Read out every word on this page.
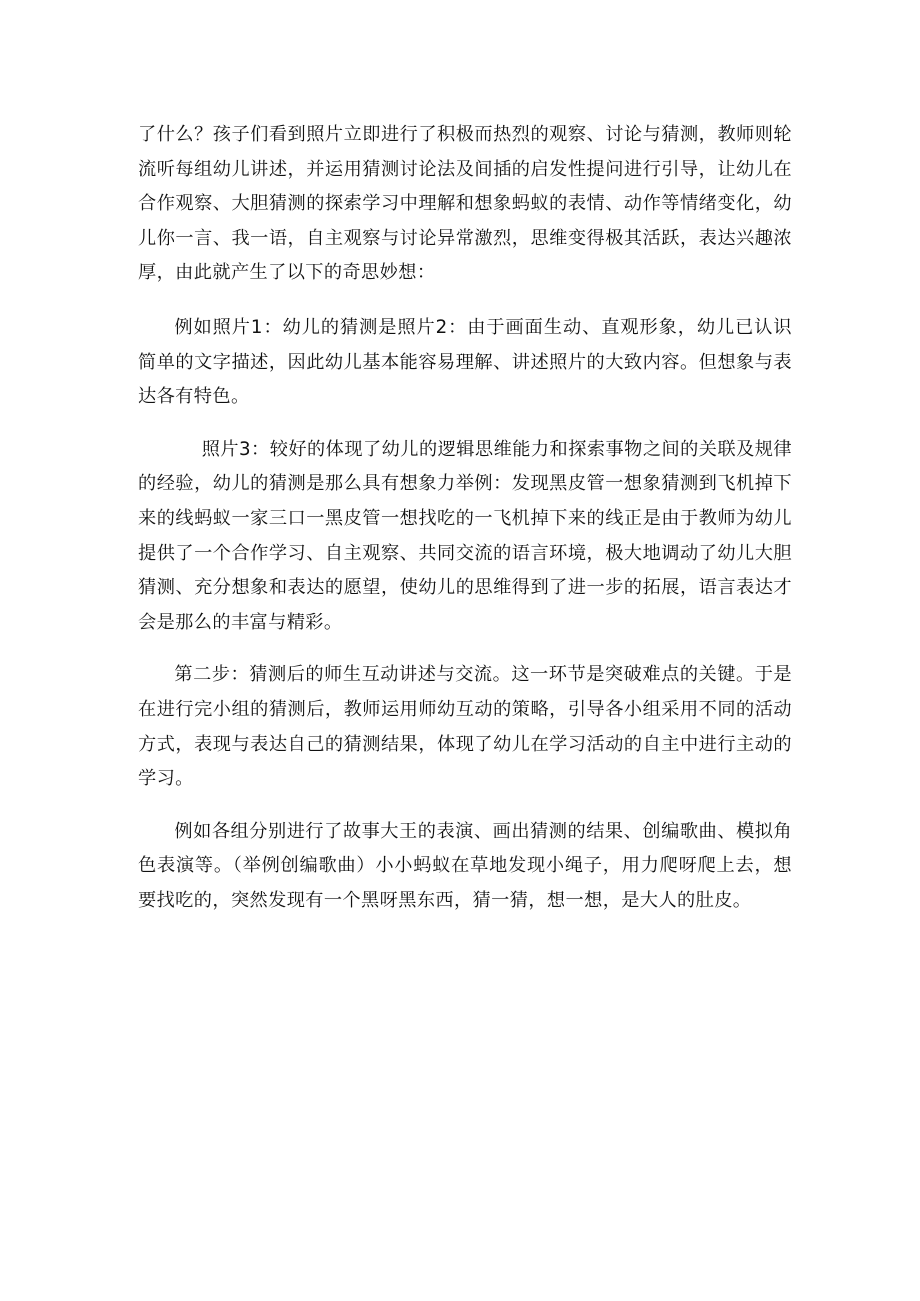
了什么？孩子们看到照片立即进行了积极而热烈的观察、讨论与猜测，教师则轮流听每组幼儿讲述，并运用猜测讨论法及间插的启发性提问进行引导，让幼儿在合作观察、大胆猜测的探索学习中理解和想象蚂蚁的表情、动作等情绪变化，幼儿你一言、我一语，自主观察与讨论异常激烈，思维变得极其活跃，表达兴趣浓厚，由此就产生了以下的奇思妙想：

例如照片1：幼儿的猜测是照片2：由于画面生动、直观形象，幼儿已认识简单的文字描述，因此幼儿基本能容易理解、讲述照片的大致内容。但想象与表达各有特色。

照片3：较好的体现了幼儿的逻辑思维能力和探索事物之间的关联及规律的经验，幼儿的猜测是那么具有想象力举例：发现黑皮管一想象猜测到飞机掉下来的线蚂蚁一家三口一黑皮管一想找吃的一飞机掉下来的线正是由于教师为幼儿提供了一个合作学习、自主观察、共同交流的语言环境，极大地调动了幼儿大胆猜测、充分想象和表达的愿望，使幼儿的思维得到了进一步的拓展，语言表达才会是那么的丰富与精彩。

第二步：猜测后的师生互动讲述与交流。这一环节是突破难点的关键。于是在进行完小组的猜测后，教师运用师幼互动的策略，引导各小组采用不同的活动方式，表现与表达自己的猜测结果，体现了幼儿在学习活动的自主中进行主动的学习。

例如各组分别进行了故事大王的表演、画出猜测的结果、创编歌曲、模拟角色表演等。（举例创编歌曲）小小蚂蚁在草地发现小绳子，用力爬呀爬上去，想要找吃的，突然发现有一个黑呀黑东西，猜一猜，想一想，是大人的肚皮。
